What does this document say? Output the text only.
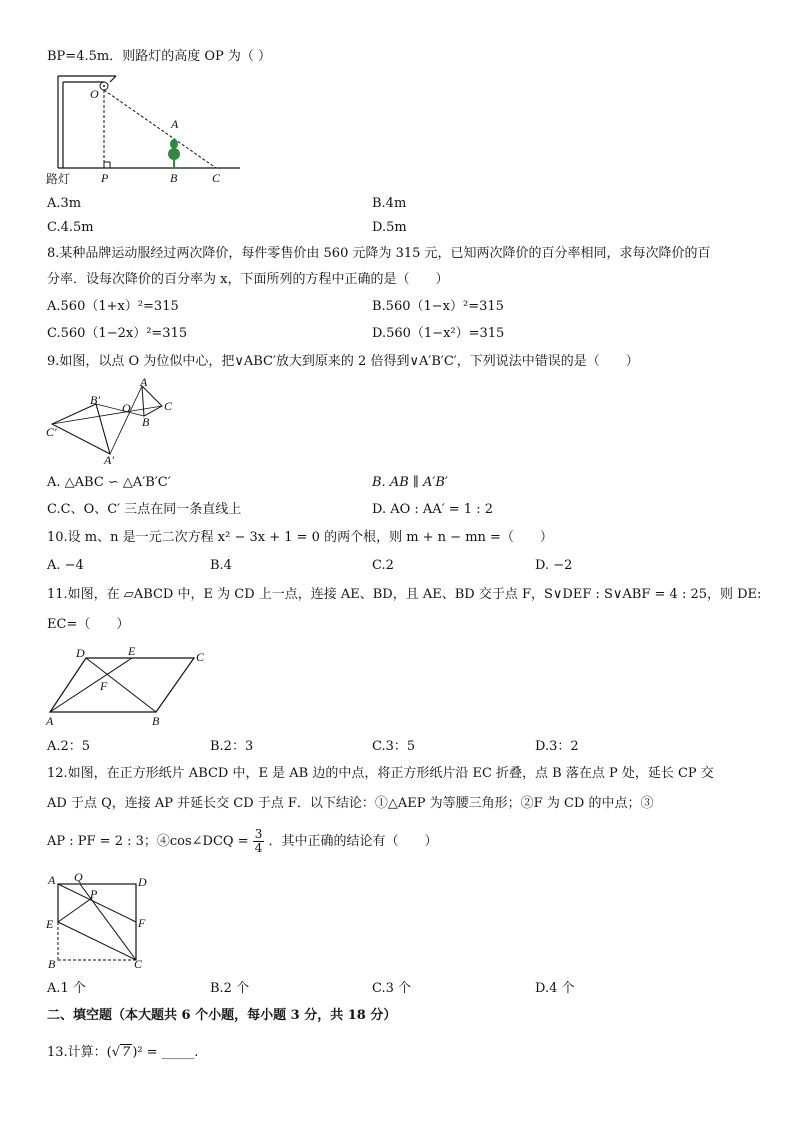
BP=4.5m．则路灯的高度 OP 为（ ）
O
A
路灯	P	B	C
A.3m	B.4m
C.4.5m	D.5m
8.某种品牌运动服经过两次降价，每件零售价由 560 元降为 315 元，已知两次降价的百分率相同，求每次降价的百
分率．设每次降价的百分率为 x，下面所列的方程中正确的是（　　）
A.560（1+x）²=315	B.560（1−x）²=315
C.560（1−2x）²=315	D.560（1−x²）=315
9.如图，以点 O 为位似中心，把∨ABC′放大到原来的 2 倍得到∨A′B′C′，下列说法中错误的是（　　）
A
C
B
O
B′
C′
A′
A. △ABC ∽ △A′B′C′	B. AB ∥ A′B′
C.C、O、C′ 三点在同一条直线上	D. AO : AA′ = 1 : 2
10.设 m、n 是一元二次方程 x² − 3x + 1 = 0 的两个根，则 m + n − mn =（　　）
A. −4	B.4	C.2	D. −2
11.如图，在 ▱ABCD 中，E 为 CD 上一点，连接 AE、BD，且 AE、BD 交于点 F，S∨DEF : S∨ABF = 4 : 25，则 DE:
EC=（　　）
D	E	C
F
A	B
A.2：5	B.2：3	C.3：5	D.3：2
12.如图，在正方形纸片 ABCD 中，E 是 AB 边的中点，将正方形纸片沿 EC 折叠，点 B 落在点 P 处，延长 CP 交
AD 于点 Q，连接 AP 并延长交 CD 于点 F．以下结论：①△AEP 为等腰三角形；②F 为 CD 的中点；③
AP : PF = 2 : 3；④cos∠DCQ = $\frac{3}{4}$ ．其中正确的结论有（　　）
A Q	D
P
E	F
B	C
A.1 个	B.2 个	C.3 个	D.4 个
二、填空题（本大题共 6 个小题，每小题 3 分，共 18 分）
13.计算：(√ 7 )² = _____.
